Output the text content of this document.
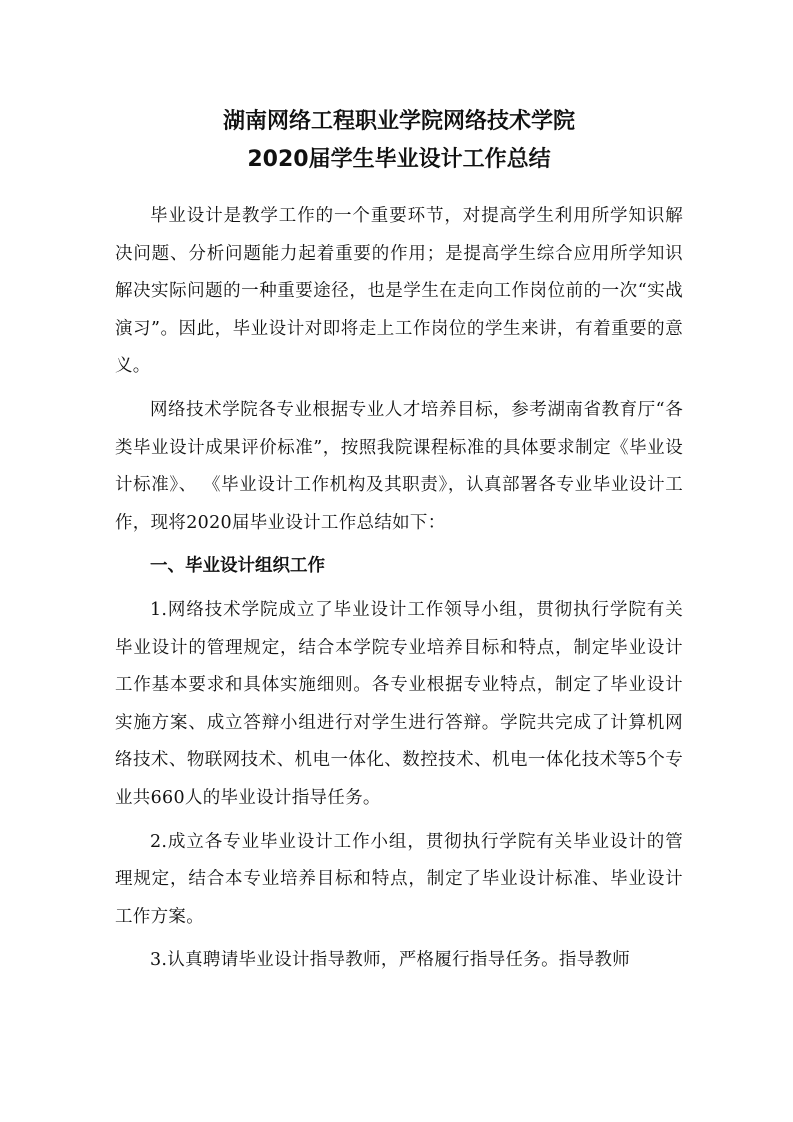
湖南网络工程职业学院网络技术学院
2020届学生毕业设计工作总结

毕业设计是教学工作的一个重要环节，对提高学生利用所学知识解决问题、分析问题能力起着重要的作用；是提高学生综合应用所学知识解决实际问题的一种重要途径，也是学生在走向工作岗位前的一次“实战演习”。因此，毕业设计对即将走上工作岗位的学生来讲，有着重要的意义。

网络技术学院各专业根据专业人才培养目标，参考湖南省教育厅“各类毕业设计成果评价标准”，按照我院课程标准的具体要求制定《毕业设计标准》、 《毕业设计工作机构及其职责》，认真部署各专业毕业设计工作，现将2020届毕业设计工作总结如下：

一、毕业设计组织工作

1.网络技术学院成立了毕业设计工作领导小组，贯彻执行学院有关毕业设计的管理规定，结合本学院专业培养目标和特点，制定毕业设计工作基本要求和具体实施细则。各专业根据专业特点，制定了毕业设计实施方案、成立答辩小组进行对学生进行答辩。学院共完成了计算机网络技术、物联网技术、机电一体化、数控技术、机电一体化技术等5个专业共660人的毕业设计指导任务。

2.成立各专业毕业设计工作小组，贯彻执行学院有关毕业设计的管理规定，结合本专业培养目标和特点，制定了毕业设计标准、毕业设计工作方案。

3.认真聘请毕业设计指导教师，严格履行指导任务。指导教师
